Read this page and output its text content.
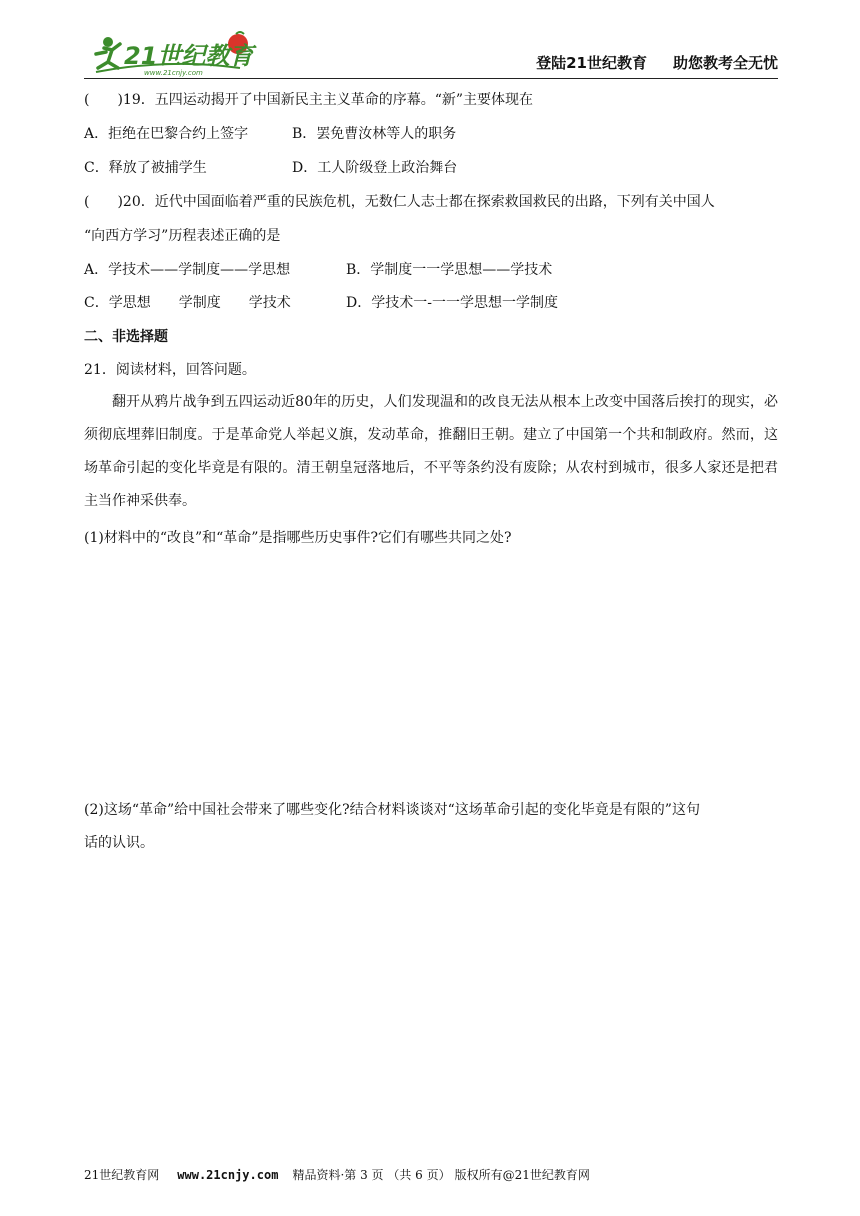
21世纪教育
www.21cnjy.com
登陆21世纪教育 助您教考全无忧
(　　)19．五四运动揭开了中国新民主主义革命的序幕。“新”主要体现在
A．拒绝在巴黎合约上签字	B．罢免曹汝林等人的职务
C．释放了被捕学生	D．工人阶级登上政治舞台
(　　)20．近代中国面临着严重的民族危机，无数仁人志士都在探索救国救民的出路，下列有关中国人
“向西方学习”历程表述正确的是
A．学技术——学制度——学思想	B．学制度一一学思想——学技术
C．学思想　　学制度　　学技术	D．学技术一-一一学思想一学制度
二、非选择题
21．阅读材料，回答问题。
翻开从鸦片战争到五四运动近80年的历史，人们发现温和的改良无法从根本上改变中国落后挨打的现实，必须彻底埋葬旧制度。于是革命党人举起义旗，发动革命，推翻旧王朝。建立了中国第一个共和制政府。然而，这场革命引起的变化毕竟是有限的。清王朝皇冠落地后，不平等条约没有废除；从农村到城市，很多人家还是把君主当作神采供奉。
(1)材料中的“改良”和“革命”是指哪些历史事件?它们有哪些共同之处?
(2)这场“革命”给中国社会带来了哪些变化?结合材料谈谈对“这场革命引起的变化毕竟是有限的”这句
话的认识。
21世纪教育网 www.21cnjy.com 精品资料·第 3 页 （共 6 页） 版权所有@21世纪教育网
